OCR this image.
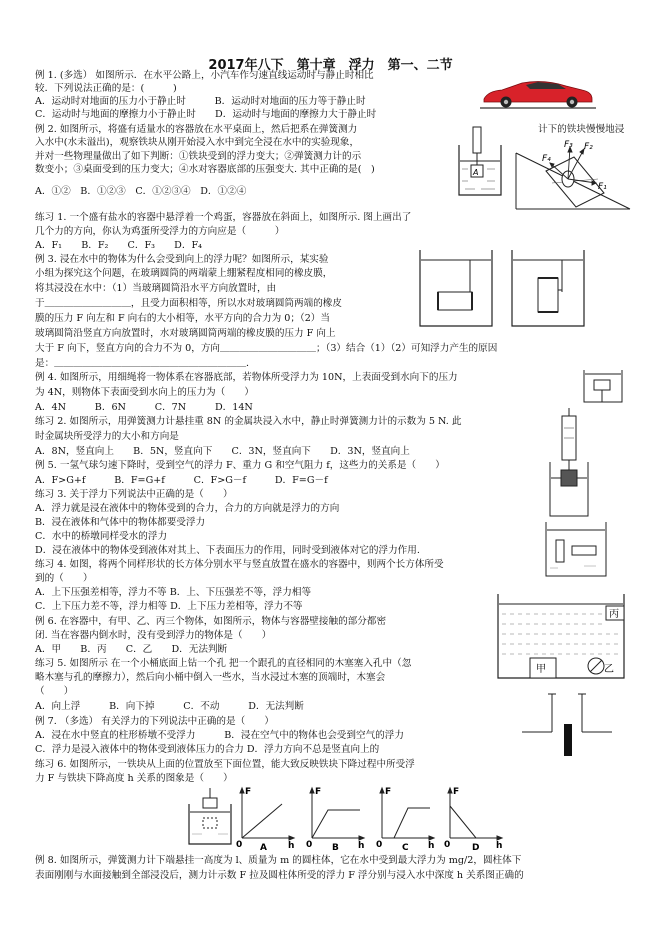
2017年八下　第十章　浮力　第一、二节
例 1. (多选） 如图所示．在水平公路上，小汽车作匀速直线运动时与静止时相比
较．下列说法正确的是：(　　　)
A．运动时对地面的压力小于静止时　　　B．运动时对地面的压力等于静止时
C．运动时与地面的摩擦力小于静止时　　D．运动时与地面的摩擦力大于静止时
例 2. 如图所示，将盛有适量水的容器放在水平桌面上，然后把系在弹簧测力	计下的铁块慢慢地浸
入水中(水未溢出)，观察铁块从刚开始浸入水中到完全浸在水中的实验现象，
并对一些物理量做出了如下判断：①铁块受到的浮力变大；②弹簧测力计的示
数变小；③桌面受到的压力变大；④水对容器底部的压强变大. 其中正确的是(　)
A．①②　B．①②③　C．①②③④　D．①②④
练习 1. 一个盛有盐水的容器中悬浮着一个鸡蛋，容器放在斜面上，如图所示. 图上画出了
几个力的方向，你认为鸡蛋所受浮力的方向应是（　　　）
A．F₁　　B．F₂　　C．F₃　　D．F₄
例 3. 浸在水中的物体为什么会受到向上的浮力呢？如图所示，某实验
小组为探究这个问题，在玻璃圆筒的两端蒙上绷紧程度相同的橡皮膜，
将其浸没在水中：（1）当玻璃圆筒沿水平方向放置时，由
于＿＿＿＿＿＿＿＿＿，且受力面积相等，所以水对玻璃圆筒两端的橡皮
膜的压力 F 向左和 F 向右的大小相等，水平方向的合力为 0；（2）当
玻璃圆筒沿竖直方向放置时，水对玻璃圆筒两端的橡皮膜的压力 F 向上
大于 F 向下，竖直方向的合力不为 0，方向＿＿＿＿＿＿＿＿＿＿；（3）结合（1）（2）可知浮力产生的原因
是：＿＿＿＿＿＿＿＿＿＿＿＿＿＿＿＿＿＿＿＿．
例 4. 如图所示，用细绳将一物体系在容器底部，若物体所受浮力为 10N，上表面受到水向下的压力
为 4N，则物体下表面受到水向上的压力为（　　）
A．4N　　　B．6N　　　C．7N　　　D．14N
练习 2. 如图所示，用弹簧测力计悬挂重 8N 的金属块浸入水中，静止时弹簧测力计的示数为 5 N. 此
时金属块所受浮力的大小和方向是
A．8N，竖直向上　　B．5N，竖直向下　　C．3N，竖直向下　　D．3N，竖直向上
例 5. 一氢气球匀速下降时，受到空气的浮力 F、重力 G 和空气阻力 f，这些力的关系是（　　）
A．F>G+f　　　B．F=G+f　　　C．F>G－f　　　D．F=G－f
练习 3. 关于浮力下列说法中正确的是（　　）
A．浮力就是浸在液体中的物体受到的合力，合力的方向就是浮力的方向
B．浸在液体和气体中的物体都要受浮力
C．水中的桥墩同样受水的浮力
D．浸在液体中的物体受到液体对其上、下表面压力的作用，同时受到液体对它的浮力作用.
练习 4. 如图，将两个同样形状的长方体分别水平与竖直放置在盛水的容器中，则两个长方体所受
到的（　　）
A．上下压强差相等，浮力不等 B．上、下压强差不等，浮力相等
C．上下压力差不等，浮力相等 D．上下压力差相等，浮力不等
例 6. 在容器中，有甲、乙、丙三个物体，如图所示，物体与容器壁接触的部分都密
闭. 当在容器内倒水时，没有受到浮力的物体是（　　）
A．甲　　B．丙　　C．乙　　D．无法判断
练习 5. 如图所示 在一个小桶底面上钻一个孔 把一个跟孔的直径相同的木塞塞入孔中（忽
略木塞与孔的摩擦力），然后向小桶中倒入一些水，当水浸过木塞的顶端时，木塞会
（　　）
A．向上浮　　　B．向下掉　　　C．不动　　　D．无法判断
例 7. （多选） 有关浮力的下列说法中正确的是（　　）
A．浸在水中竖直的柱形桥墩不受浮力　　　B．浸在空气中的物体也会受到空气的浮力
C．浮力是浸入液体中的物体受到液体压力的合力 D．浮力方向不总是竖直向上的
练习 6. 如图所示，一铁块从上面的位置放至下面位置，能大致反映铁块下降过程中所受浮
力 F 与铁块下降高度 h 关系的图象是（　　）
例 8. 如图所示，弹簧测力计下端悬挂一高度为 l、质量为 m 的圆柱体，它在水中受到最大浮力为 mg/2，圆柱体下
表面刚刚与水面接触到全部浸没后，测力计示数 F 拉及圆柱体所受的浮力 F 浮分别与浸入水中深度 h 关系图正确的
A
F₄
F₃ F₂
F₁
丙
甲	乙
F
h
0 A
F
h
0 B
F
h
0 C
F
h
0 D
